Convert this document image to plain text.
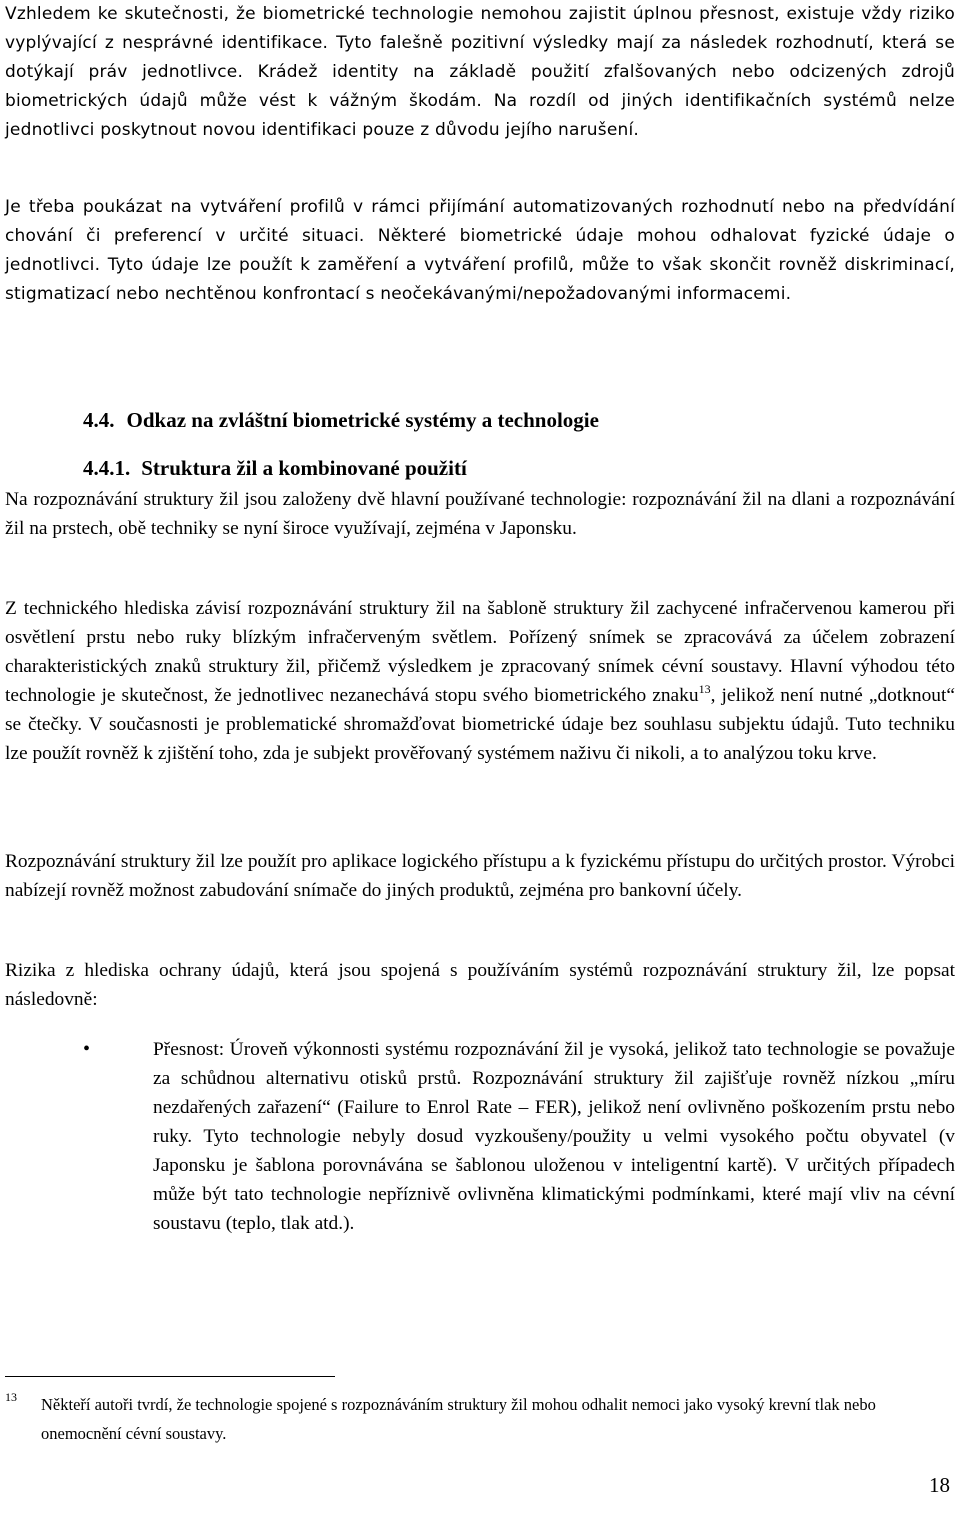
Vzhledem ke skutečnosti, že biometrické technologie nemohou zajistit úplnou přesnost, existuje vždy riziko vyplývající z nesprávné identifikace. Tyto falešně pozitivní výsledky mají za následek rozhodnutí, která se dotýkají práv jednotlivce. Krádež identity na základě použití zfalšovaných nebo odcizených zdrojů biometrických údajů může vést k vážným škodám. Na rozdíl od jiných identifikačních systémů nelze jednotlivci poskytnout novou identifikaci pouze z důvodu jejího narušení.

Je třeba poukázat na vytváření profilů v rámci přijímání automatizovaných rozhodnutí nebo na předvídání chování či preferencí v určité situaci. Některé biometrické údaje mohou odhalovat fyzické údaje o jednotlivci. Tyto údaje lze použít k zaměření a vytváření profilů, může to však skončit rovněž diskriminací, stigmatizací nebo nechtěnou konfrontací s neočekávanými/nepožadovanými informacemi.

4.4. Odkaz na zvláštní biometrické systémy a technologie
4.4.1. Struktura žil a kombinované použití

Na rozpoznávání struktury žil jsou založeny dvě hlavní používané technologie: rozpoznávání žil na dlani a rozpoznávání žil na prstech, obě techniky se nyní široce využívají, zejména v Japonsku.

Z technického hlediska závisí rozpoznávání struktury žil na šabloně struktury žil zachycené infračervenou kamerou při osvětlení prstu nebo ruky blízkým infračerveným světlem. Pořízený snímek se zpracovává za účelem zobrazení charakteristických znaků struktury žil, přičemž výsledkem je zpracovaný snímek cévní soustavy. Hlavní výhodou této technologie je skutečnost, že jednotlivec nezanechává stopu svého biometrického znaku$^{13}$, jelikož není nutné „dotknout“ se čtečky. V současnosti je problematické shromažďovat biometrické údaje bez souhlasu subjektu údajů. Tuto techniku lze použít rovněž k zjištění toho, zda je subjekt prověřovaný systémem naživu či nikoli, a to analýzou toku krve.

Rozpoznávání struktury žil lze použít pro aplikace logického přístupu a k fyzickému přístupu do určitých prostor. Výrobci nabízejí rovněž možnost zabudování snímače do jiných produktů, zejména pro bankovní účely.

Rizika z hlediska ochrany údajů, která jsou spojená s používáním systémů rozpoznávání struktury žil, lze popsat následovně:

•	Přesnost: Úroveň výkonnosti systému rozpoznávání žil je vysoká, jelikož tato technologie se považuje za schůdnou alternativu otisků prstů. Rozpoznávání struktury žil zajišťuje rovněž nízkou „míru nezdařených zařazení“ (Failure to Enrol Rate – FER), jelikož není ovlivněno poškozením prstu nebo ruky. Tyto technologie nebyly dosud vyzkoušeny/použity u velmi vysokého počtu obyvatel (v Japonsku je šablona porovnávána se šablonou uloženou v inteligentní kartě). V určitých případech může být tato technologie nepříznivě ovlivněna klimatickými podmínkami, které mají vliv na cévní soustavu (teplo, tlak atd.).
13 Někteří autoři tvrdí, že technologie spojené s rozpoznáváním struktury žil mohou odhalit nemoci jako vysoký krevní tlak nebo onemocnění cévní soustavy.

18
